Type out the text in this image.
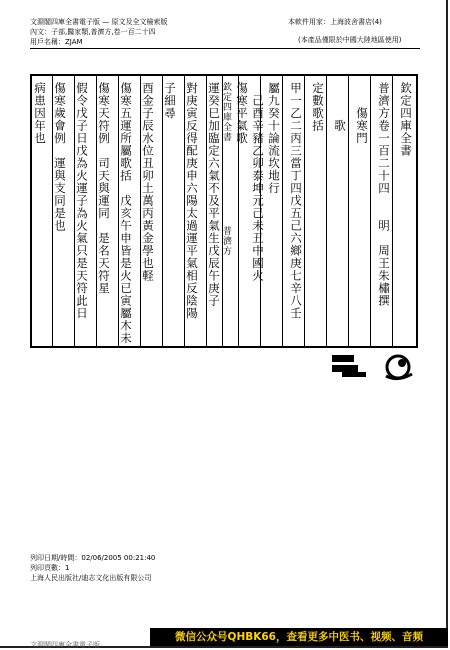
文淵閣四庫全書電子版 — 原文及全文檢索版	本軟件用家：上海波舍書店(4)
內文：子部,醫家類,普濟方,卷一百二十四
(本產品僅限於中國大陸地區使用)
用戶名稱：ZJAM
欽定四庫全書
普濟方卷一百二十四　　明　周王朱橚撰
　　傷寒門
　　　歌
定數歌括
甲一乙二丙三當丁四戊五己六鄉庚七辛八壬
屬九癸十論流坎地行
　己酉辛豬乙卯泰坤元己未丑中國火
傷寒平氣歌
欽定四庫全書
普濟方
運癸巳加臨定六氣不及平氣生戊辰午庚子
對庚寅反得配庚申六陽太過運平氣相反陰陽
子細尋
酉金子辰水位丑卯土萬丙黃金學也軽
傷寒五運所屬歌括　戊亥午申皆是火已寅屬木未
傷寒天符例　司天與運同　是名天符星
假令戊子日戊為火運子為火氣只是天符此日
傷寒歲會例　運與支同是也
病患因年也
列印日期/時間：02/06/2005 00:21:40
列印頁數：1
上海人民出版社/迪志文化出版有限公司
微信公众号QHBK66，查看更多中医书、视频、音频
文淵閣四庫全書電子版
